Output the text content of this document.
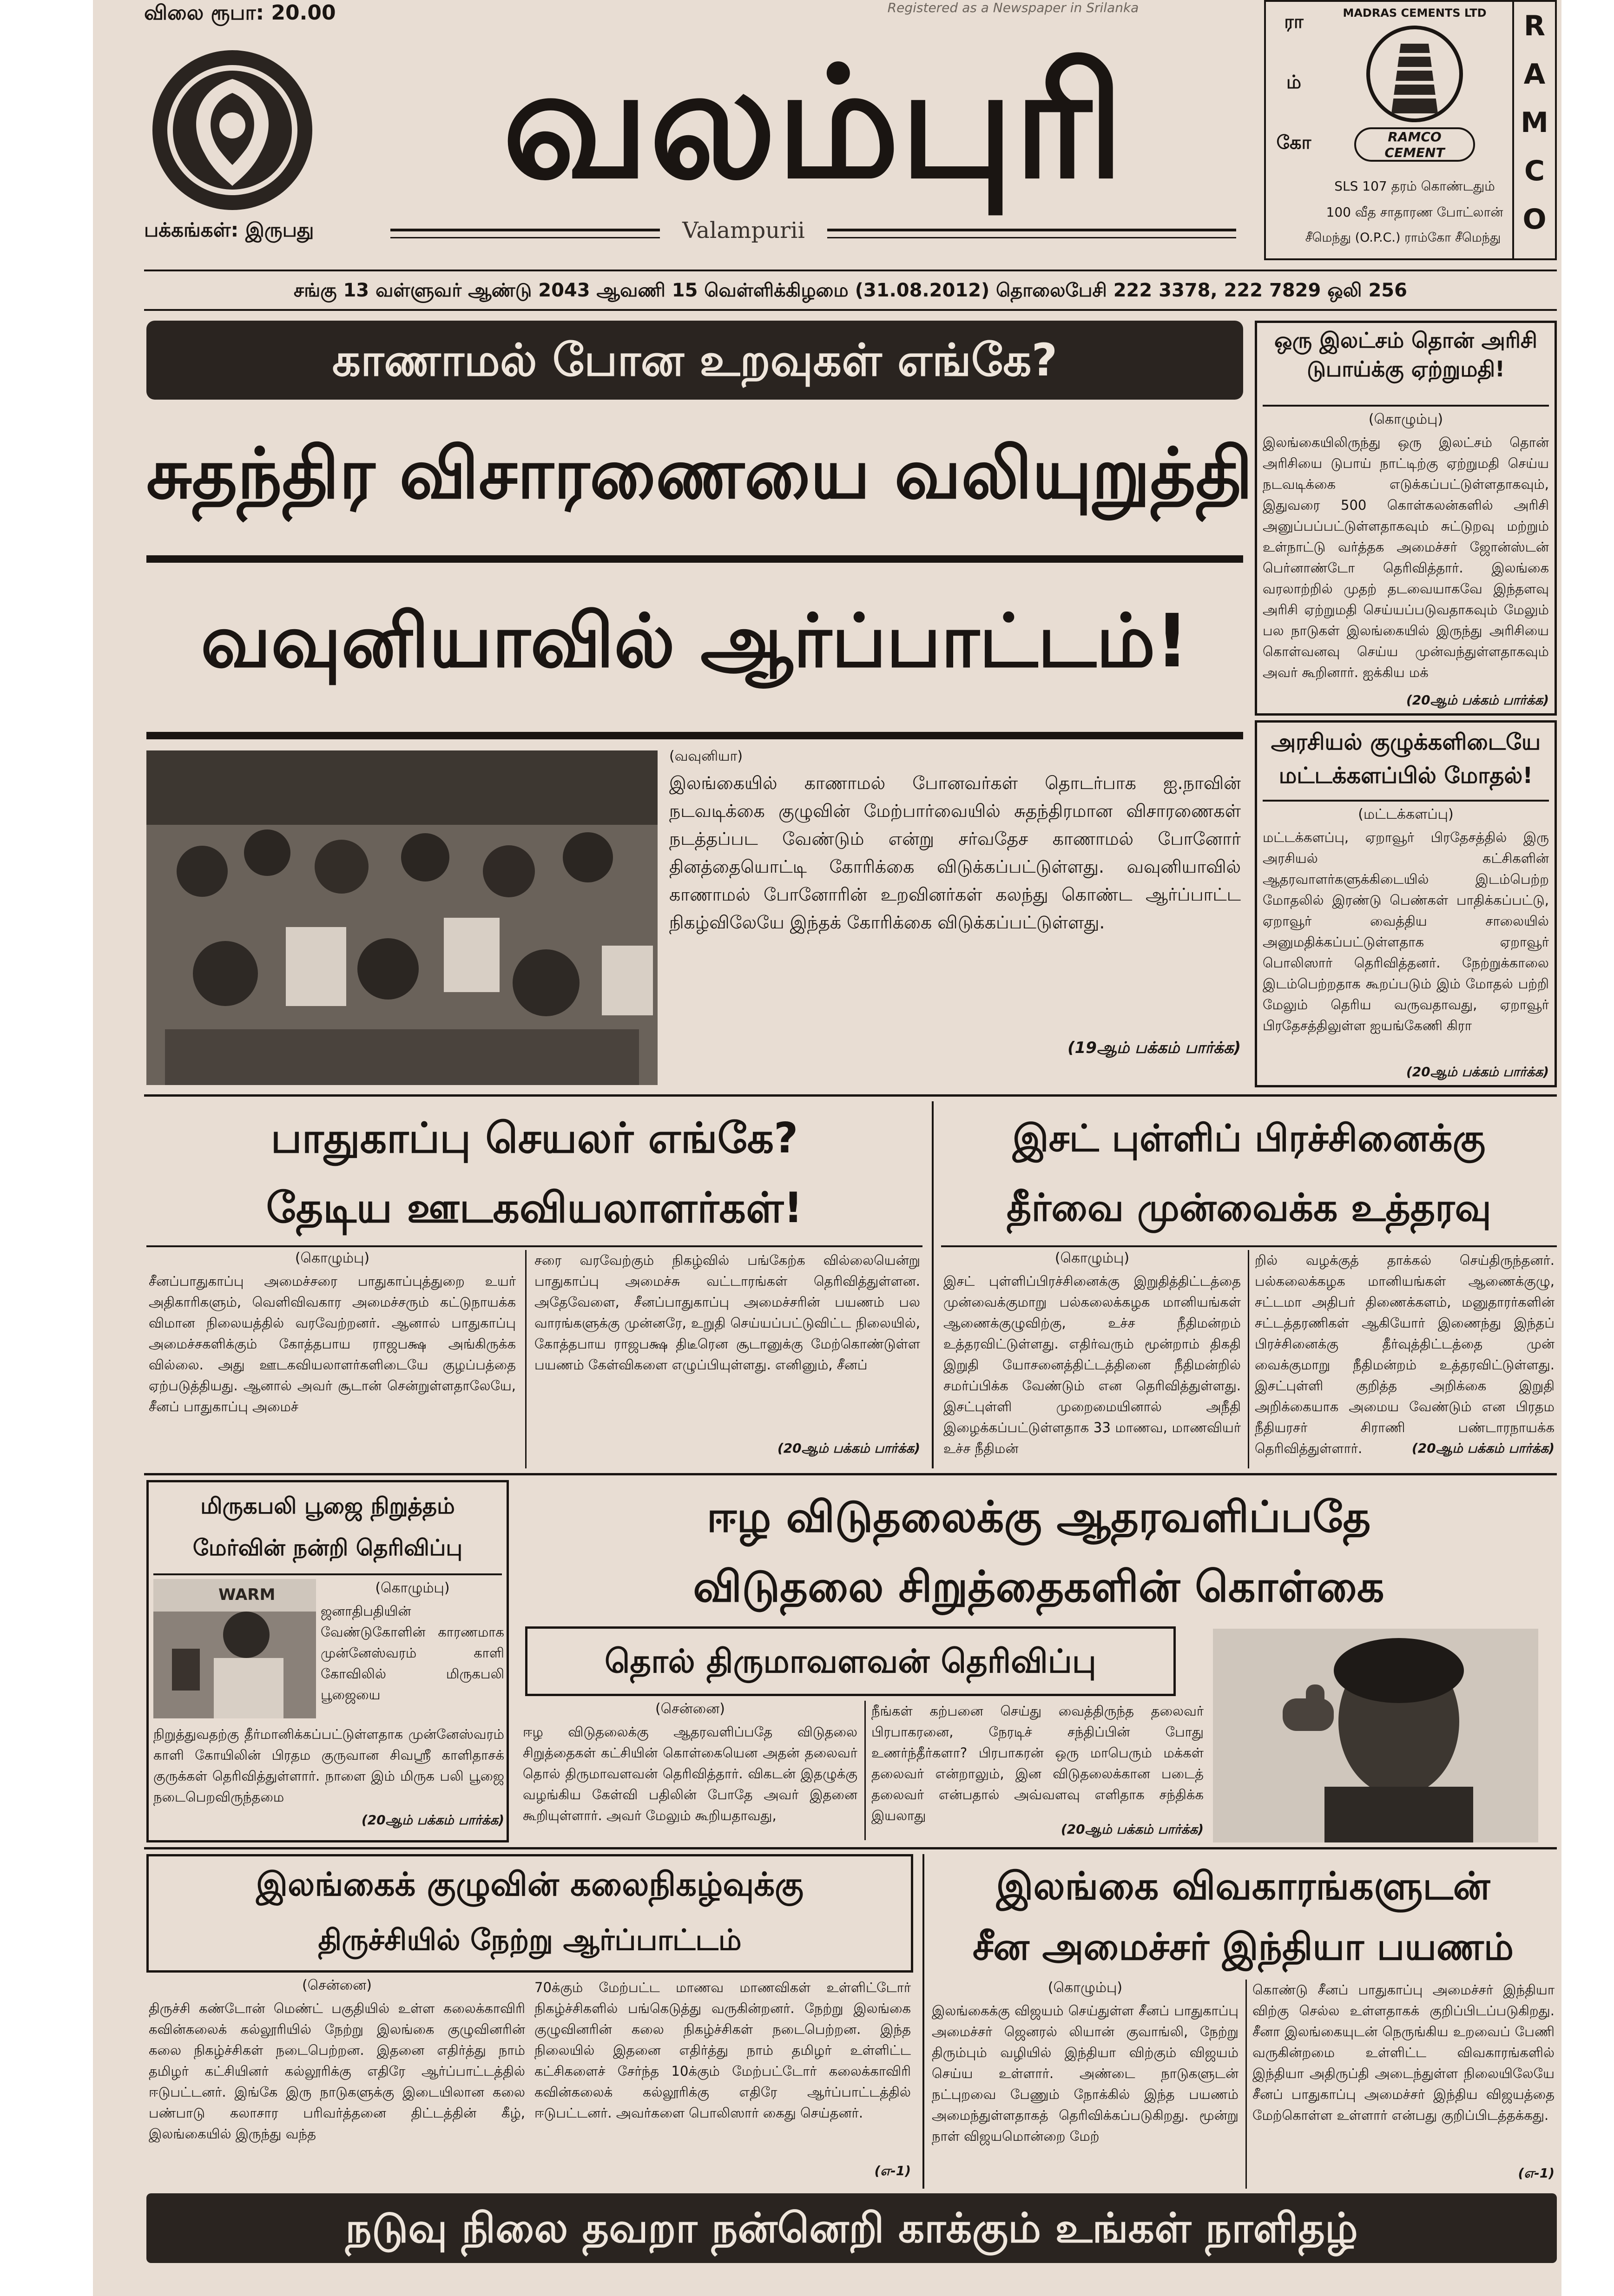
விலை ரூபா: 20.00	Registered as a Newspaper in Srilanka
வலம்புரி
பக்கங்கள்: இருபது	Valampurii
R
A
M
C
O
ரா
ம்
கோ
MADRAS CEMENTS LTD
RAMCO CEMENT
SLS 107 தரம் கொண்டதும்
100 வீத சாதாரண போட்லான்
சீமெந்து (O.P.C.) ராம்கோ சீமெந்து
சங்கு 13 வள்ளுவர் ஆண்டு 2043 ஆவணி 15 வெள்ளிக்கிழமை (31.08.2012) தொலைபேசி 222 3378, 222 7829 ஒலி 256
காணாமல் போன உறவுகள் எங்கே?
சுதந்திர விசாரணையை வலியுறுத்தி
வவுனியாவில் ஆர்ப்பாட்டம்!
(வவுனியா)
இலங்கையில் காணாமல் போனவர்கள் தொடர்பாக ஐ.நாவின் நடவடிக்கை குழுவின் மேற்பார்வையில் சுதந்திரமான விசாரணைகள் நடத்தப்பட வேண்டும் என்று சர்வதேச காணாமல் போனோர் தினத்தையொட்டி கோரிக்கை விடுக்கப்பட்டுள்ளது. வவுனியாவில் காணாமல் போனோரின் உறவினர்கள் கலந்து கொண்ட ஆர்ப்பாட்ட நிகழ்விலேயே இந்தக் கோரிக்கை விடுக்கப்பட்டுள்ளது.
(19ஆம் பக்கம் பார்க்க)
ஒரு இலட்சம் தொன் அரிசி டுபாய்க்கு ஏற்றுமதி!
(கொழும்பு)
இலங்கையிலிருந்து ஒரு இலட்சம் தொன் அரிசியை டுபாய் நாட்டிற்கு ஏற்றுமதி செய்ய நடவடிக்கை எடுக்கப்பட்டுள்ளதாகவும், இதுவரை 500 கொள்கலன்களில் அரிசி அனுப்பப்பட்டுள்ளதாகவும் சுட்டுறவு மற்றும் உள்நாட்டு வர்த்தக அமைச்சர் ஜோன்ஸ்டன் பெர்னாண்டோ தெரிவித்தார். இலங்கை வரலாற்றில் முதற் தடவையாகவே இந்தளவு அரிசி ஏற்றுமதி செய்யப்படுவதாகவும் மேலும் பல நாடுகள் இலங்கையில் இருந்து அரிசியை கொள்வனவு செய்ய முன்வந்துள்ளதாகவும் அவர் கூறினார். ஐக்கிய மக்
(20ஆம் பக்கம் பார்க்க)
அரசியல் குழுக்களிடையே மட்டக்களப்பில் மோதல்!
(மட்டக்களப்பு)
மட்டக்களப்பு, ஏறாவூர் பிரதேசத்தில் இரு அரசியல் கட்சிகளின் ஆதரவாளர்களுக்கிடையில் இடம்பெற்ற மோதலில் இரண்டு பெண்கள் பாதிக்கப்பட்டு, ஏறாவூர் வைத்திய சாலையில் அனுமதிக்கப்பட்டுள்ளதாக ஏறாவூர் பொலிஸார் தெரிவித்தனர். நேற்றுக்காலை இடம்பெற்றதாக கூறப்படும் இம் மோதல் பற்றி மேலும் தெரிய வருவதாவது, ஏறாவூர் பிரதேசத்திலுள்ள ஐயங்கேணி கிரா
(20ஆம் பக்கம் பார்க்க)
பாதுகாப்பு செயலர் எங்கே?
தேடிய ஊடகவியலாளர்கள்!
(கொழும்பு)
சீனப்பாதுகாப்பு அமைச்சரை பாதுகாப்புத்துறை உயர் அதிகாரிகளும், வெளிவிவகார அமைச்சரும் கட்டுநாயக்க விமான நிலையத்தில் வரவேற்றனர். ஆனால் பாதுகாப்பு அமைச்சகளிக்கும் கோத்தபாய ராஜபக்ஷ அங்கிருக்க வில்லை. அது ஊடகவியலாளர்களிடையே குழப்பத்தை ஏற்படுத்தியது. ஆனால் அவர் சூடான் சென்றுள்ளதாலேயே, சீனப் பாதுகாப்பு அமைச்
சரை வரவேற்கும் நிகழ்வில் பங்கேற்க வில்லையென்று பாதுகாப்பு அமைச்சு வட்டாரங்கள் தெரிவித்துள்ளன. அதேவேளை, சீனப்பாதுகாப்பு அமைச்சரின் பயணம் பல வாரங்களுக்கு முன்னரே, உறுதி செய்யப்பட்டுவிட்ட நிலையில், கோத்தபாய ராஜபக்ஷ திடீரென சூடானுக்கு மேற்கொண்டுள்ள பயணம் கேள்விகளை எழுப்பியுள்ளது. எனினும், சீனப்
(20ஆம் பக்கம் பார்க்க)
இசட் புள்ளிப் பிரச்சினைக்கு
தீர்வை முன்வைக்க உத்தரவு
(கொழும்பு)
இசட் புள்ளிப்பிரச்சினைக்கு இறுதித்திட்டத்தை முன்வைக்குமாறு பல்கலைக்கழக மானியங்கள் ஆணைக்குழுவிற்கு, உச்ச நீதிமன்றம் உத்தரவிட்டுள்ளது. எதிர்வரும் மூன்றாம் திகதி இறுதி யோசனைத்திட்டத்தினை நீதிமன்றில் சமர்ப்பிக்க வேண்டும் என தெரிவித்துள்ளது. இசட்புள்ளி முறைமையினால் அநீதி இழைக்கப்பட்டுள்ளதாக 33 மாணவ, மாணவியர் உச்ச நீதிமன்
றில் வழக்குத் தாக்கல் செய்திருந்தனர். பல்கலைக்கழக மானியங்கள் ஆணைக்குழு, சட்டமா அதிபர் திணைக்களம், மனுதாரர்களின் சட்டத்தரணிகள் ஆகியோர் இணைந்து இந்தப் பிரச்சினைக்கு தீர்வுத்திட்டத்தை முன் வைக்குமாறு நீதிமன்றம் உத்தரவிட்டுள்ளது. இசட்புள்ளி குறித்த அறிக்கை இறுதி அறிக்கையாக அமைய வேண்டும் என பிரதம நீதியரசர் சிராணி பண்டாரநாயக்க தெரிவித்துள்ளார்.	(20ஆம் பக்கம் பார்க்க)
மிருகபலி பூஜை நிறுத்தம் மேர்வின் நன்றி தெரிவிப்பு
WARM	(கொழும்பு)
ஜனாதிபதியின் வேண்டுகோளின் காரணமாக முன்னேஸ்வரம் காளி கோவிலில் மிருகபலி பூஜையை
நிறுத்துவதற்கு தீர்மானிக்கப்பட்டுள்ளதாக முன்னேஸ்வரம் காளி கோயிலின் பிரதம குருவான சிவஸ்ரீ காளிதாசக் குருக்கள் தெரிவித்துள்ளார். நாளை இம் மிருக பலி பூஜை நடைபெறவிருந்தமை
(20ஆம் பக்கம் பார்க்க)
ஈழ விடுதலைக்கு ஆதரவளிப்பதே
விடுதலை சிறுத்தைகளின் கொள்கை
தொல் திருமாவளவன் தெரிவிப்பு
(சென்னை)
ஈழ விடுதலைக்கு ஆதரவளிப்பதே விடுதலை சிறுத்தைகள் கட்சியின் கொள்கையென அதன் தலைவர் தொல் திருமாவளவன் தெரிவித்தார். விகடன் இதழுக்கு வழங்கிய கேள்வி பதிலின் போதே அவர் இதனை கூறியுள்ளார். அவர் மேலும் கூறியதாவது,
நீங்கள் கற்பனை செய்து வைத்திருந்த தலைவர் பிரபாகரனை, நேரடிச் சந்திப்பின் போது உணர்ந்தீர்களா? பிரபாகரன் ஒரு மாபெரும் மக்கள் தலைவர் என்றாலும், இன விடுதலைக்கான படைத் தலைவர் என்பதால் அவ்வளவு எளிதாக சந்திக்க இயலாது
(20ஆம் பக்கம் பார்க்க)
இலங்கைக் குழுவின் கலைநிகழ்வுக்கு
திருச்சியில் நேற்று ஆர்ப்பாட்டம்
(சென்னை)
திருச்சி கண்டோன் மெண்ட் பகுதியில் உள்ள கலைக்காவிரி கவின்கலைக் கல்லூரியில் நேற்று இலங்கை குழுவினரின் கலை நிகழ்ச்சிகள் நடைபெற்றன. இதனை எதிர்த்து நாம் தமிழர் கட்சியினர் கல்லூரிக்கு எதிரே ஆர்ப்பாட்டத்தில் ஈடுபட்டனர். இங்கே இரு நாடுகளுக்கு இடையிலான கலை பண்பாடு கலாசார பரிவர்த்தனை திட்டத்தின் கீழ், இலங்கையில் இருந்து வந்த
70க்கும் மேற்பட்ட மாணவ மாணவிகள் உள்ளிட்டோர் நிகழ்ச்சிகளில் பங்கெடுத்து வருகின்றனர். நேற்று இலங்கை குழுவினரின் கலை நிகழ்ச்சிகள் நடைபெற்றன. இந்த நிலையில் இதனை எதிர்த்து நாம் தமிழர் உள்ளிட்ட கட்சிகளைச் சேர்ந்த 10க்கும் மேற்பட்டோர் கலைக்காவிரி கவின்கலைக் கல்லூரிக்கு எதிரே ஆர்ப்பாட்டத்தில் ஈடுபட்டனர். அவர்களை பொலிஸார் கைது செய்தனர்.
(எ-1)
இலங்கை விவகாரங்களுடன்
சீன அமைச்சர் இந்தியா பயணம்
(கொழும்பு)
இலங்கைக்கு விஜயம் செய்துள்ள சீனப் பாதுகாப்பு அமைச்சர் ஜெனரல் லியான் குவாங்லி, நேற்று திரும்பும் வழியில் இந்தியா விற்கும் விஜயம் செய்ய உள்ளார். அண்டை நாடுகளுடன் நட்புறவை பேணும் நோக்கில் இந்த பயணம் அமைந்துள்ளதாகத் தெரிவிக்கப்படுகிறது. மூன்று நாள் விஜயமொன்றை மேற்
கொண்டு சீனப் பாதுகாப்பு அமைச்சர் இந்தியா விற்கு செல்ல உள்ளதாகக் குறிப்பிடப்படுகிறது. சீனா இலங்கையுடன் நெருங்கிய உறவைப் பேணி வருகின்றமை உள்ளிட்ட விவகாரங்களில் இந்தியா அதிருப்தி அடைந்துள்ள நிலையிலேயே சீனப் பாதுகாப்பு அமைச்சர் இந்திய விஜயத்தை மேற்கொள்ள உள்ளார் என்பது குறிப்பிடத்தக்கது.
(எ-1)
நடுவு நிலை தவறா நன்னெறி காக்கும் உங்கள் நாளிதழ்
